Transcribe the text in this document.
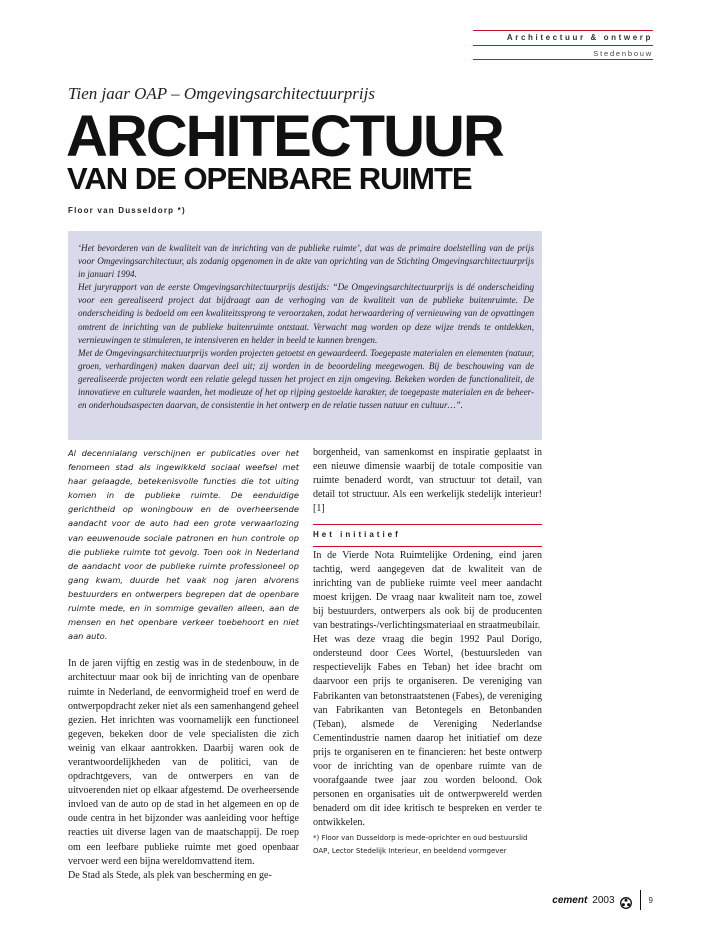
Architectuur & ontwerp
Stedenbouw
Tien jaar OAP – Omgevingsarchitectuurprijs
ARCHITECTUUR
VAN DE OPENBARE RUIMTE
Floor van Dusseldorp *)

‘Het bevorderen van de kwaliteit van de inrichting van de publieke ruimte’, dat was de primaire doelstelling van de prijs voor Omgevingsarchitectuur, als zodanig opgenomen in de akte van oprichting van de Stichting Omgevingsarchitectuurprijs in januari 1994.

Het juryrapport van de eerste Omgevingsarchitectuurprijs destijds: “De Omgevingsarchitectuurprijs is dé onderscheiding voor een gerealiseerd project dat bijdraagt aan de verhoging van de kwaliteit van de publieke buitenruimte. De onderscheiding is bedoeld om een kwaliteitssprong te veroorzaken, zodat herwaardering of vernieuwing van de opvattingen omtrent de inrichting van de publieke buitenruimte ontstaat. Verwacht mag worden op deze wijze trends te ontdekken, vernieuwingen te stimuleren, te intensiveren en helder in beeld te kunnen brengen.

Met de Omgevingsarchitectuurprijs worden projecten getoetst en gewaardeerd. Toegepaste materialen en elementen (natuur, groen, verhardingen) maken daarvan deel uit; zij worden in de beoordeling meegewogen. Bij de beschouwing van de gerealiseerde projecten wordt een relatie gelegd tussen het project en zijn omgeving. Bekeken worden de functionaliteit, de innovatieve en culturele waarden, het modieuze of het op rijping gestoelde karakter, de toegepaste materialen en de beheer- en onderhoudsaspecten daarvan, de consistentie in het ontwerp en de relatie tussen natuur en cultuur…”.

Al decennialang verschijnen er publicaties over het fenomeen stad als ingewikkeld sociaal weefsel met haar gelaagde, betekenisvolle functies die tot uiting komen in de publieke ruimte. De eenduidige gerichtheid op woningbouw en de overheersende aandacht voor de auto had een grote verwaarlozing van eeuwenoude sociale patronen en hun controle op die publieke ruimte tot gevolg. Toen ook in Nederland de aandacht voor de publieke ruimte professioneel op gang kwam, duurde het vaak nog jaren alvorens bestuurders en ontwerpers begrepen dat de openbare ruimte mede, en in sommige gevallen alleen, aan de mensen en het openbare verkeer toebehoort en niet aan auto.

In de jaren vijftig en zestig was in de stedenbouw, in de architectuur maar ook bij de inrichting van de openbare ruimte in Nederland, de eenvormigheid troef en werd de ontwerpopdracht zeker niet als een samenhangend geheel gezien. Het inrichten was voornamelijk een functioneel gegeven, bekeken door de vele specialisten die zich weinig van elkaar aantrokken. Daarbij waren ook de verantwoordelijkheden van de politici, van de opdrachtgevers, van de ontwerpers en van de uitvoerenden niet op elkaar afgestemd. De overheersende invloed van de auto op de stad in het algemeen en op de oude centra in het bijzonder was aanleiding voor heftige reacties uit diverse lagen van de maatschappij. De roep om een leefbare publieke ruimte met goed openbaar vervoer werd een bijna wereldomvattend item.

De Stad als Stede, als plek van bescherming en ge-

borgenheid, van samenkomst en inspiratie geplaatst in een nieuwe dimensie waarbij de totale compositie van ruimte benaderd wordt, van structuur tot detail, van detail tot structuur. Als een werkelijk stedelijk interieur! [1]

Het initiatief

In de Vierde Nota Ruimtelijke Ordening, eind jaren tachtig, werd aangegeven dat de kwaliteit van de inrichting van de publieke ruimte veel meer aandacht moest krijgen. De vraag naar kwaliteit nam toe, zowel bij bestuurders, ontwerpers als ook bij de producenten van bestratings-/verlichtingsmateriaal en straatmeubilair.

Het was deze vraag die begin 1992 Paul Dorigo, ondersteund door Cees Wortel, (bestuursleden van respectievelijk Fabes en Teban) het idee bracht om daarvoor een prijs te organiseren. De vereniging van Fabrikanten van betonstraatstenen (Fabes), de vereniging van Fabrikanten van Betontegels en Betonbanden (Teban), alsmede de Vereniging Nederlandse Cementindustrie namen daarop het initiatief om deze prijs te organiseren en te financieren: het beste ontwerp voor de inrichting van de openbare ruimte van de voorafgaande twee jaar zou worden beloond. Ook personen en organisaties uit de ontwerpwereld werden benaderd om dit idee kritisch te bespreken en verder te ontwikkelen.

*) Floor van Dusseldorp is mede-oprichter en oud bestuurslid OAP, Lector Stedelijk Interieur, en beeldend vormgever
cement 2003	9
